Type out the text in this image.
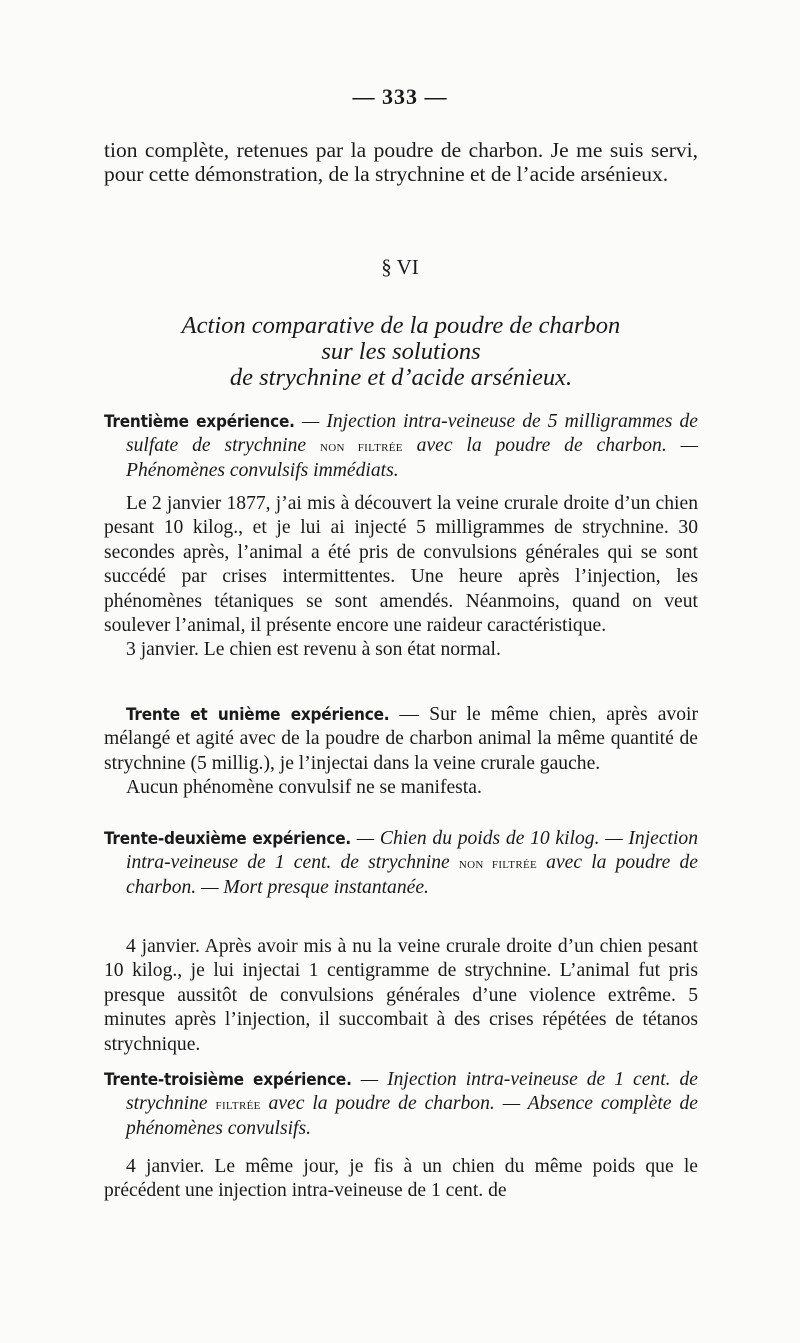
— 333 —

tion complète, retenues par la poudre de charbon. Je me suis servi, pour cette démonstration, de la strychnine et de l’acide arsénieux.

§ VI
Action comparative de la poudre de charbon
sur les solutions
de strychnine et d’acide arsénieux.

Trentième expérience. — Injection intra-veineuse de 5 milligrammes de sulfate de strychnine non filtrée avec la poudre de charbon. — Phénomènes convulsifs immédiats.

Le 2 janvier 1877, j’ai mis à découvert la veine crurale droite d’un chien pesant 10 kilog., et je lui ai injecté 5 milligrammes de strychnine. 30 secondes après, l’animal a été pris de convulsions générales qui se sont succédé par crises intermittentes. Une heure après l’injection, les phénomènes tétaniques se sont amendés. Néanmoins, quand on veut soulever l’animal, il présente encore une raideur caractéristique.

3 janvier. Le chien est revenu à son état normal.

Trente et unième expérience. — Sur le même chien, après avoir mélangé et agité avec de la poudre de charbon animal la même quantité de strychnine (5 millig.), je l’injectai dans la veine crurale gauche.

Aucun phénomène convulsif ne se manifesta.

Trente-deuxième expérience. — Chien du poids de 10 kilog. — Injection intra-veineuse de 1 cent. de strychnine non filtrée avec la poudre de charbon. — Mort presque instantanée.

4 janvier. Après avoir mis à nu la veine crurale droite d’un chien pesant 10 kilog., je lui injectai 1 centigramme de strychnine. L’animal fut pris presque aussitôt de convulsions générales d’une violence extrême. 5 minutes après l’injection, il succombait à des crises répétées de tétanos strychnique.

Trente-troisième expérience. — Injection intra-veineuse de 1 cent. de strychnine filtrée avec la poudre de charbon. — Absence complète de phénomènes convulsifs.

4 janvier. Le même jour, je fis à un chien du même poids que le précédent une injection intra-veineuse de 1 cent. de
